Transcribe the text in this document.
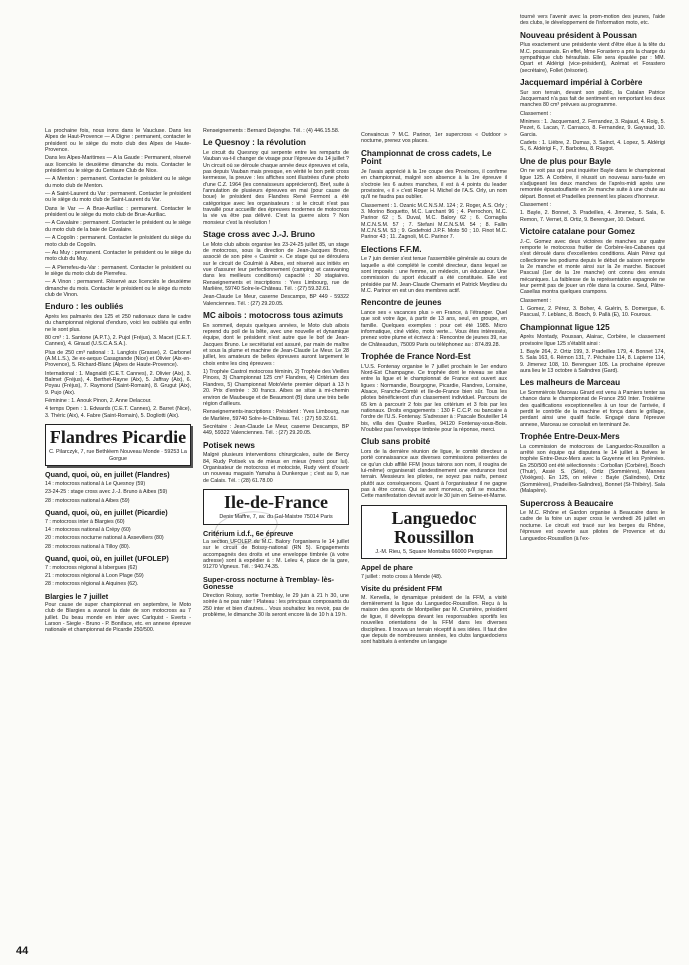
La prochaine fois, nous irons dans le Vaucluse. Dans les Alpes de Haut-Provence — A Digne : permanent, contacter le président ou le siège du moto club des Alpes de Haute-Provence.

Dans les Alpes-Maritimes — A la Gaude : Permanent, réservé aux licenciés le deuxième dimanche du mois. Contacter le président ou le siège du Centaure Club de Nice.

— A Menton : permanent. Contacter le président ou le siège du moto club de Menton.

— A Saint-Laurent du Var : permanent. Contacter le président ou le siège du moto club de Saint-Laurent du Var.

Dans le Var — A Brue-Auriliac : permanent. Contacter le président ou le siège du moto club de Brue-Auriliac.

— A Cavalaire : permanent. Contacter le président ou le siège du moto club de la baie de Cavalaire.

— A Cogolin : permanent. Contacter le président du siège du moto club de Cogolin.

— Au Muy : permanent. Contacter le président ou le siège du moto club du Muy.

— A Pierrefeu-du-Var : permanent. Contacter le président ou le siège du moto club de Pierrefeu.

— A Vinon : permanent. Réservé aux licenciés le deuxième dimanche du mois. Contacter le président ou le siège du moto club de Vinon.

Enduro : les oubliés

Après les palmarès des 125 et 250 nationaux dans le cadre du championnat régional d'enduro, voici les oubliés qui enfin ne le sont plus.

80 cm³ : 1. Santone (A.P.T.), 2. Pujol (Fréjus), 3. Macet (C.E.T. Cannes), 4. Giraud (U.S.C.A.S.A.).

Plus de 250 cm³ national : 1. Langlois (Grasse), 2. Carbonel (A.M.L.S.), 3e ex-aequo Casagrande (Nice) et Olivier (Aix-en-Provence), 5. Richard-Blanc (Alpes de Haute-Provence).

International : 1. Magnaldi (C.E.T. Cannes), 2. Olivier (Aix), 3. Balmet (Fréjus), 4. Berthet-Rayne (Aix), 5. Jaffray (Aix), 6. Poyau (Fréjus), 7. Raymond (Saint-Romain), 8. Grugut (Aix), 9. Pujo (Aix).

Féminine : 1. Anouk Pinon, 2. Anne Delacour.

4 temps Open : 1. Edwards (C.E.T. Cannes), 2. Barret (Nice), 3. Théric (Aix), 4. Fabre (Saint-Romain), 5. Dogliotti (Aix).

Flandres Picardie
C. Pilarczyk, 7, rue Bethléem Nouveau Monde · 59253 La Gorgue
Quand, quoi, où, en juillet (Flandres)

14 : motocross national à Le Quesnoy (59)

23-24-25 : stage cross avec J.-J. Bruno à Aibes (59)

28 : motocross national à Aibes (59)

Quand, quoi, où, en juillet (Picardie)

7 : motocross inter à Blargies (60)

14 : motocross national à Crépy (60)

20 : motocross nocturne national à Asseviliers (80)

28 : motocross national à Tilloy (80).

Quand, quoi, où, en juillet (UFOLEP)

7 : motocross régional à Isbergues (62)

21 : motocross régional à Loon Plage (59)

28 : motocross régional à Aiquines (62).

Blargies le 7 juillet

Pour cause de super championnat en septembre, le Moto club de Blargies a avancé la date de son motocross au 7 juillet. Du beau monde en inter avec Carlquist - Everts - Larson - Siegle - Bruno - P. Boniface, etc. en annexe épreuve nationale et championnat de Picardie 250/500.

Renseignements : Bernard Dejonghe. Tél. : (4) 446.15.58.

Le Quesnoy : la révolution

Le circuit du Quesnoy qui serpente entre les remparts de Vauban va-t-il changer de visage pour l'épreuve du 14 juillet ? Un circuit où se déroule chaque année deux épreuves et cela, pas depuis Vauban mais presque, en vérité le bon petit cross kermesse, la preuve : les affiches sont illustrées d'une photo d'une C.Z. 1964 (les connaisseurs apprécieront). Bref, suite à l'annulation de plusieurs épreuves en mai (pour cause de boue) le président des Flandres René Fermont a été catégorique avec les organisateurs : si le circuit n'est pas travaillé pour accueillir des épreuves modernes de motocross la vie va être pas délivré. C'est la guerre alors ? Non monsieur c'est la révolution !

Stage cross avec J.-J. Bruno

Le Moto club aibois organise les 23-24-25 juillet 85, un stage de motocross, sous la direction de Jean-Jacques Bruno, associé de son père « Casimir ». Ce stage qui se déroulera sur le circuit de Coulmié à Aibes, est réservé aux initiés en vue d'assurer leur perfectionnement (camping et caravaning dans les meilleurs conditions) capacité : 30 stagiaires. Renseignements et inscriptions : Yves Limbourg, rue de Marlière, 59740 Solre-le-Château. Tél. : (27) 59.32.61.

Jean-Claude Le Meur, caserne Descamps, BP 449 - 59322 Valenciennes. Tél. : (27) 29.20.05.

MC aibois : motocross tous azimuts

En sommeil, depuis quelques années, le Moto club aibois reprend du poil de la bête, avec une nouvelle et dynamique équipe, dont le président n'est autre que le bof de Jean-Jacques Bruno. Le secrétariat est assuré, par main de maître et sous la plume et machine de Jean-Claude Le Meur. Le 28 juillet, les amateurs de belles épreuves auront largement le choix entre les cinq épreuves :

1) Trophée Castrol motocross féminin, 2) Trophée des Vieilles Pinces, 3) Championnat 125 cm³ Flandres, 4) Critérium des Flandres, 5) Championnat MotoVerte premier départ à 13 h 20. Prix d'entrée : 30 francs. Aibes se situe à mi-chemin environ de Maubeuge et de Beaumont (B) dans une très belle région d'ailleurs.

Renseignements-inscriptions : Président : Yves Limbourg, rue de Marlière, 59740 Solre-le-Château. Tél. : (27) 59.32.61.

Secrétaire : Jean-Claude Le Meur, caserne Descamps, BP 449, 59322 Valenciennes. Tél. : (27) 29.20.05.

Potisek news

Malgré plusieurs interventions chirurgicales, suite de Bercy 84, Rudy Potisek va de mieux en mieux (merci pour lui). Organisateur de motocross et motociste, Rudy vient d'ouvrir un nouveau magasin Yamaha à Dunkerque ; c'est au 9, rue de Calais. Tél. : (28) 61.78.00

Ile-de-France
Denis Maffre, 7, av. du Gal-Maistre 75014 Paris
Critérium i.d.f., 6e épreuve

La section UFOLEP du M.C. Balory l'organisera le 14 juillet sur le circuit de Boissy-national (RN 5). Engagements accompagnés des droits et une enveloppe timbrée (à votre adresse) sont à expédier à : M. Leleu 4, place de la gare, 91270 Vigneux. Tél. : 940.74.35.

Super-cross nocturne à Tremblay- lès-Gonesse

Direction Roissy, sortie Tremblay, le 29 juin à 21 h 30, une soirée à ne pas rater ! Plateau : les principaux composants du 250 inter et bien d'autres... Vous souhaitez les revoir, pas de problème, le dimanche 30 ils seront encore là de 10 h à 19 h.

Convaincus ? M.C. Parinor, 1er supercross « Outdoor » nocturne, prenez vos places.

Championnat de cross cadets, Le Point

Je l'avais apprécié à la 1re coupe des Provinces, il confirme en championnat, malgré son absence à la 1re épreuve il s'octroie les 6 autres manches, il est à 4 points du leader provisoire, « il » c'est Roger H. Michel de l'A.S. Orly, un nom qu'il ne faudra pas oublier.

Classement : 1. Ozanic M.C.N.S.M. 124 ; 2. Roger, A.S. Orly ; 3. Morino Boquetto, M.C. Larchant 96 ; 4. Perrochon, M.C. Parinor 62 ; 5. Duval, M.C. Balory 62 ; 6. Cornaglia M.C.N.S.M. 57 ; 7. Stefani M.C.N.S.M. 54 ; 8. Fallin M.C.N.S.M. 53 ; 9. Godefroid J.P.F. Moto 50 ; 10. Finot M.C. Parinor 43 ; 11. Zagnoli, M.C. Parinor 7.

Elections F.F.M.

Le 7 juin dernier s'est tenue l'assemblée générale au cours de laquelle a été complété le comité directeur, dans lequel se sont imposés : une femme, un médecin, un éducateur. Une commission du sport éducatif a été constituée. Elle est présidée par M. Jean-Claude Chemarin et Patrick Meydieu du M.C. Parinor en est un des membres actif.

Rencontre de jeunes

Lance ses « vacances plus » en France, à l'étranger. Quel que soit votre âge, à partir de 13 ans, seul, en groupe, en famille. Quelques exemples : pour cet été 1985. Micro informatique, ciné vidéo, moto verte... Vous êtes intéressés, prenez votre plume et écrivez à : Rencontre de jeunes 39, rue de Châteaudun, 75009 Paris ou téléphonez au : 874.89.28.

Trophée de France Nord-Est

L'U.S. Fontenay organise le 7 juillet prochain le 1er enduro Nord-Est Champagne. Ce trophée dont le niveau se situe entre la ligue et le championnat de France est ouvert aux ligues : Normandie, Bourgogne, Picardie, Flandres, Lorraine, Alsace, Franche-Comté et Ile-de-France bien sûr. Tous les pilotes bénéficieront d'un classement individuel. Parcours de 65 km à parcourir 2 fois par les critérium et 3 fois par les nationaux. Droits engagements : 130 F C.C.P. ou bancaire à l'ordre de l'U.S. Fontenay. S'adresser à : Pascale Bouteiller 14 bis, villa des Quatre Ruelles, 94120 Fontenay-sous-Bois. N'oubliez pas l'enveloppe timbrée pour la réponse, merci.

Club sans probité

Lors de la dernière réunion de ligue, le comité directeur a porté connaissance aux diverses commissions présentes de ce qu'un club affilié FFM (nous tairons son nom, il rougira de lui-même) organiserait clandestinement une endurance tout terrain. Messieurs les pilotes, ne soyez pas naïfs, pensez plutôt aux conséquences. Quant à l'organisateur il ne gagne pas à être connu. Qui se sent morveux, qu'il se mouche. Cette manifestation devrait avoir le 30 juin en Seine-et-Marne.

Languedoc Roussillon
J.-M. Rieu, 5, Square Montalba 66000 Perpignan
Appel de phare

7 juillet : moto cross à Mende (48).

Visite du président FFM

M. Kervella, le dynamique président de la FFM, a visité dernièrement la ligue du Languedoc-Roussillon. Reçu à la maison des sports de Montpellier par M. Crumière, président de ligue, il développa devant les responsables sportifs les nouvelles orientations de la FFM dans les diverses disciplines. Il trouva un terrain réceptif à ses idées. Il faut dire que depuis de nombreuses années, les clubs languedociens sont habitués à entendre un langage

tourné vers l'avenir avec la prom-motion des jeunes, l'aide des clubs, le développement de l'information moto, etc.

Nouveau président à Poussan

Plus exactement une présidente vient d'être élue à la tête du M.C. poussanais. En effet, Mme Forastero a pris la charge du sympathique club héraultais. Elle sera épaulée par : MM. Opart et Aldérigi (vice-président), Azémat et Forastero (secrétaire), Follet (trésorier).

Jacquemard impérial à Corbère

Sur son terrain, devant son public, la Catalan Patrice Jacquemard n'a pas fait de sentiment en remportant les deux manches 80 cm³ prévues au programme.

Classement :

Minimes : 1. Jacquemard, 2. Ferrandez, 3. Rajaud, 4. Roig, 5. Pezet, 6. Lacan, 7. Carrasco, 8. Fernandez, 9. Gayraud, 10. Garcia.

Cadets : 1. Lièbre, 2. Dumas, 3. Sainct, 4. Lopez, 5. Aldérigi S., 6. Aldérigi F., 7. Barboteu, 8. Raygot.

Une de plus pour Bayle

On ne voit pas qui peut inquiéter Bayle dans le championnat ligue 125. A Corbère, il réussit un nouveau sans-faute en s'adjugeant les deux manches de l'après-midi après une remontée époustouflante en 2e manche suite à une chute au départ. Bonnet et Pradeilles prennent les places d'honneur.

Classement :

1. Bayle, 2. Bonnet, 3. Pradeilles, 4. Jimenez, 5. Sala, 6. Remon, 7. Vernet, 8. Ortiz, 9. Berenguer, 10. Debard.

Victoire catalane pour Gomez

J.-C. Gomez avec deux victoires de manches sur quatre remporte le motocross fruitier de Corbère-les-Cabanes qui s'est déroulé dans d'excellentes conditions. Alain Pérez qui collectionne les podiums depuis le début de saison remporte la 2e manche et monte ainsi sur la 2e marche. Bacouet Pascual (1er de la 1re manche) ont connu des ennuis mécaniques. La faiblesse de la représentation espagnole ne leur permit pas de jouer un rôle dans la course. Seul, Pâtre-Casellas montra quelques crampons.

Classement :

1. Gomez, 2. Pérez, 3. Boher, 4. Guérin, 5. Domergue, 6. Pascual, 7. Leblanc, 8. Bosch, 9. Pallà (E), 10. Fouroux.

Championnat ligue 125

Après Montady, Poussan, Alairac, Corbère, le classement provisoire ligue 125 s'établit ainsi :

1. Bayle 264, 2. Ortiz 199, 3. Pradeilles 179, 4. Bonnet 174, 5. Sala 163, 6. Rémon 131, 7. Péchaire 114, 8. Lapierre 114, 9. Jimenez 108, 10. Berenguer 105. La prochaine épreuve aura lieu le 13 octobre à Salindres (Gard).

Les malheurs de Marceau

Le Sommiérois Marceau Girard est venu à Pamiers tenter sa chance dans le championnat de France 250 Inter. Troisième des qualifications exceptionnelles à un tour de l'arrivée, il perdit le contrôle de la machine et fonça dans le grillage, perdant ainsi une qualif facile. Engagé dans l'épreuve annexe, Marceau se consolait en terminant 3e.

Trophée Entre-Deux-Mers

La commission de motocross de Languedoc-Roussillon a arrêté son équipe qui disputera le 14 juillet à Belves le trophée Entre-Deux-Mers avec la Guyenne et les Pyrénées. En 250/500 ont été sélectionnés : Corbollan (Corbère), Bosch (Thuir), Assié S. (Sète), Ortiz (Sommières), Mannes (Vixièges). En 125, on relève : Bayle (Salindres), Ortiz (Sommières), Pradeilles-Salindres), Bonnet (St-Thibéry). Sala (Malapère).

Supercross à Beaucaire

Le M.C. Rhône et Gardon organise à Beaucaire dans le cadre de la foire un super cross le vendredi 26 juillet en nocturne. Le circuit est tracé sur les berges du Rhône, l'épreuve est ouverte aux pilotes de Provence et du Languedoc-Roussillon (à l'ex-

44
